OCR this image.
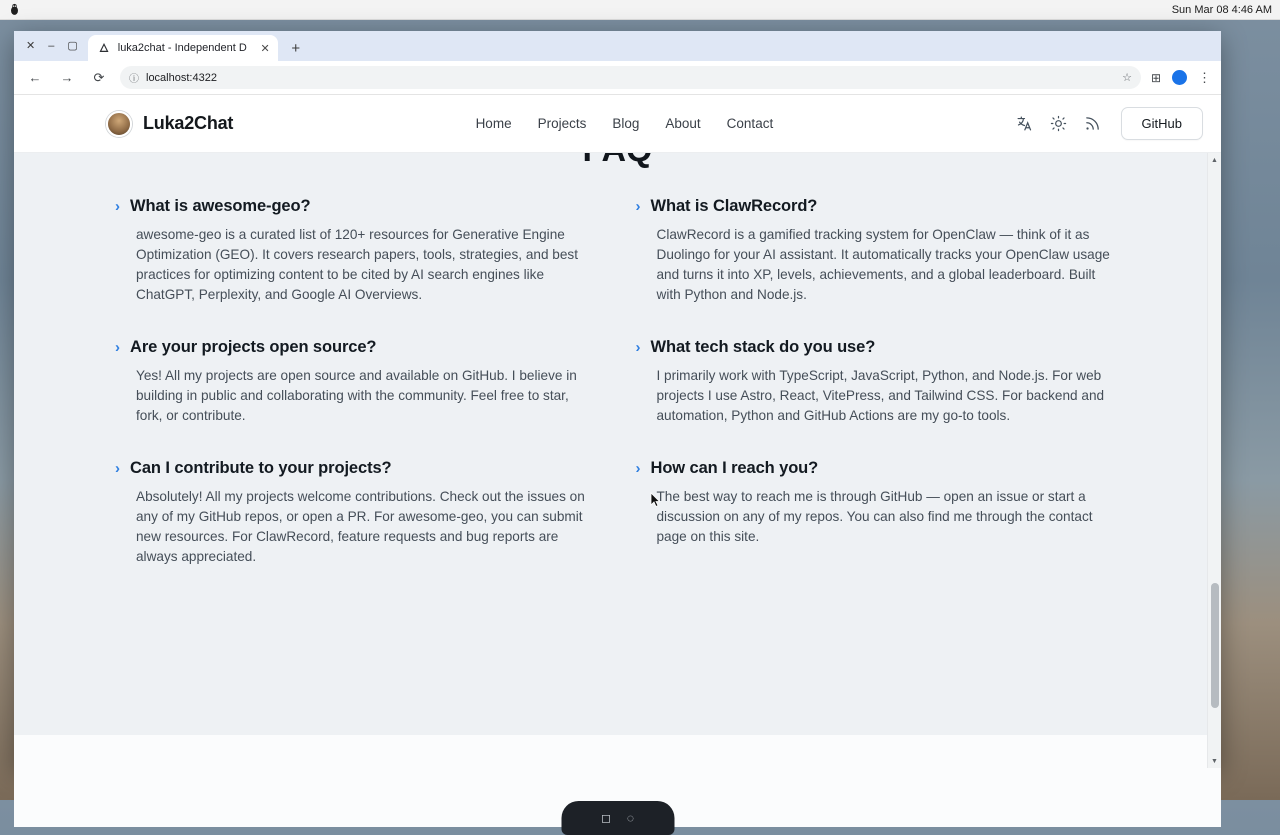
Sun Mar 08 4:46 AM
✕ – ▢	luka2chat - Independent D	✕	+
←	→	⟳	ⓘ localhost:4322	☆ ⊞	⋮
Luka2Chat	Home Projects Blog About Contact	GitHub
› What is awesome-geo?

awesome-geo is a curated list of 120+ resources for Generative Engine Optimization (GEO). It covers research papers, tools, strategies, and best practices for optimizing content to be cited by AI search engines like ChatGPT, Perplexity, and Google AI Overviews.

› What is ClawRecord?

ClawRecord is a gamified tracking system for OpenClaw — think of it as Duolingo for your AI assistant. It automatically tracks your OpenClaw usage and turns it into XP, levels, achievements, and a global leaderboard. Built with Python and Node.js.

› Are your projects open source?

Yes! All my projects are open source and available on GitHub. I believe in building in public and collaborating with the community. Feel free to star, fork, or contribute.

› What tech stack do you use?

I primarily work with TypeScript, JavaScript, Python, and Node.js. For web projects I use Astro, React, VitePress, and Tailwind CSS. For backend and automation, Python and GitHub Actions are my go-to tools.

› Can I contribute to your projects?

Absolutely! All my projects welcome contributions. Check out the issues on any of my GitHub repos, or open a PR. For awesome-geo, you can submit new resources. For ClawRecord, feature requests and bug reports are always appreciated.

› How can I reach you?

The best way to reach me is through GitHub — open an issue or start a discussion on any of my repos. You can also find me through the contact page on this site.

◻ ◌
▲
▼
